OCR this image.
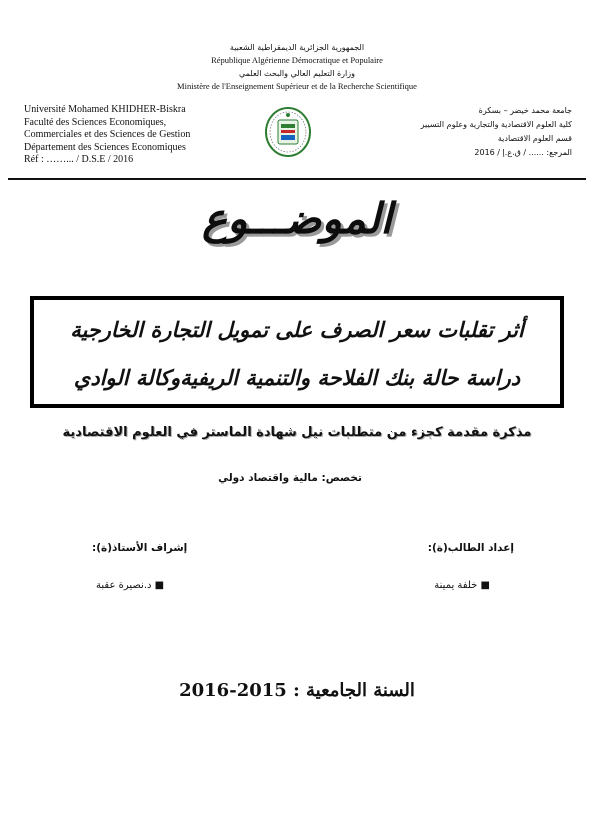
الجمهورية الجزائرية الديمقراطية الشعبية
République Algérienne Démocratique et Populaire
وزارة التعليم العالي والبحث العلمي
Ministère de l'Enseignement Supérieur et de la Recherche Scientifique
Université Mohamed KHIDHER-Biskra
Faculté des Sciences Economiques,
Commerciales et des Sciences de Gestion
Département des Sciences Economiques
Réf : ……... / D.S.E / 2016
جامعة محمد خيضر – بسكرة
كلية العلوم الاقتصادية والتجارية وعلوم التسيير
قسم العلوم الاقتصادية
المرجع: ...... / ق.ع.إ / 2016
الموضـــوع
أثر تقلبات سعر الصرف على تمويل التجارة الخارجية
دراسة حالة بنك الفلاحة والتنمية الريفيةوكالة الوادي
مذكرة مقدمة كجزء من متطلبات نيل شهادة الماستر في العلوم الاقتصادية
تخصص: مالية واقتصاد دولي
إعداد الطالب(ة):
إشراف الأستاذ(ة):
■ خلفة يمينة
■ د.نصيرة عقبة
السنة الجامعية : 2015-2016
